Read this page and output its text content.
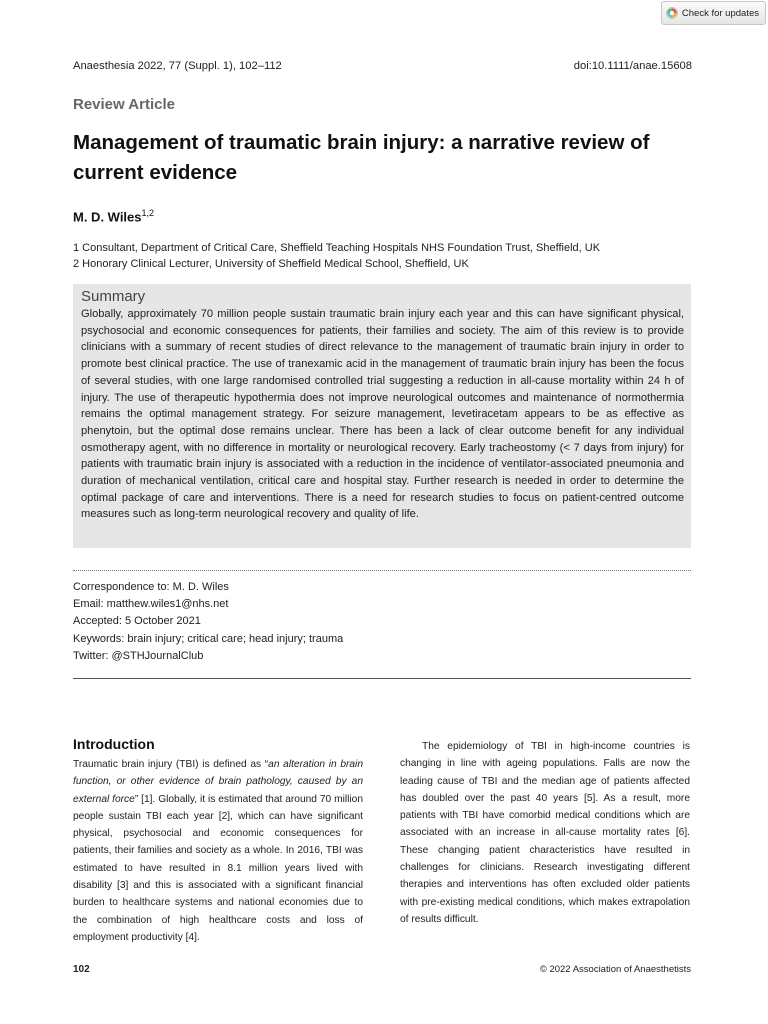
Check for updates
Anaesthesia 2022, 77 (Suppl. 1), 102–112	doi:10.1111/anae.15608
Review Article
Management of traumatic brain injury: a narrative review of current evidence
M. D. Wiles$^{1,2}$
1 Consultant, Department of Critical Care, Sheffield Teaching Hospitals NHS Foundation Trust, Sheffield, UK
2 Honorary Clinical Lecturer, University of Sheffield Medical School, Sheffield, UK
Summary

Globally, approximately 70 million people sustain traumatic brain injury each year and this can have significant physical, psychosocial and economic consequences for patients, their families and society. The aim of this review is to provide clinicians with a summary of recent studies of direct relevance to the management of traumatic brain injury in order to promote best clinical practice. The use of tranexamic acid in the management of traumatic brain injury has been the focus of several studies, with one large randomised controlled trial suggesting a reduction in all-cause mortality within 24 h of injury. The use of therapeutic hypothermia does not improve neurological outcomes and maintenance of normothermia remains the optimal management strategy. For seizure management, levetiracetam appears to be as effective as phenytoin, but the optimal dose remains unclear. There has been a lack of clear outcome benefit for any individual osmotherapy agent, with no difference in mortality or neurological recovery. Early tracheostomy (< 7 days from injury) for patients with traumatic brain injury is associated with a reduction in the incidence of ventilator-associated pneumonia and duration of mechanical ventilation, critical care and hospital stay. Further research is needed in order to determine the optimal package of care and interventions. There is a need for research studies to focus on patient-centred outcome measures such as long-term neurological recovery and quality of life.

Correspondence to: M. D. Wiles
Email: matthew.wiles1@nhs.net
Accepted: 5 October 2021
Keywords: brain injury; critical care; head injury; trauma
Twitter: @STHJournalClub
Introduction

Traumatic brain injury (TBI) is defined as “an alteration in brain function, or other evidence of brain pathology, caused by an external force” [1]. Globally, it is estimated that around 70 million people sustain TBI each year [2], which can have significant physical, psychosocial and economic consequences for patients, their families and society as a whole. In 2016, TBI was estimated to have resulted in 8.1 million years lived with disability [3] and this is associated with a significant financial burden to healthcare systems and national economies due to the combination of high healthcare costs and loss of employment productivity [4].

The epidemiology of TBI in high-income countries is changing in line with ageing populations. Falls are now the leading cause of TBI and the median age of patients affected has doubled over the past 40 years [5]. As a result, more patients with TBI have comorbid medical conditions which are associated with an increase in all-cause mortality rates [6]. These changing patient characteristics have resulted in challenges for clinicians. Research investigating different therapies and interventions has often excluded older patients with pre-existing medical conditions, which makes extrapolation of results difficult.

102	© 2022 Association of Anaesthetists
